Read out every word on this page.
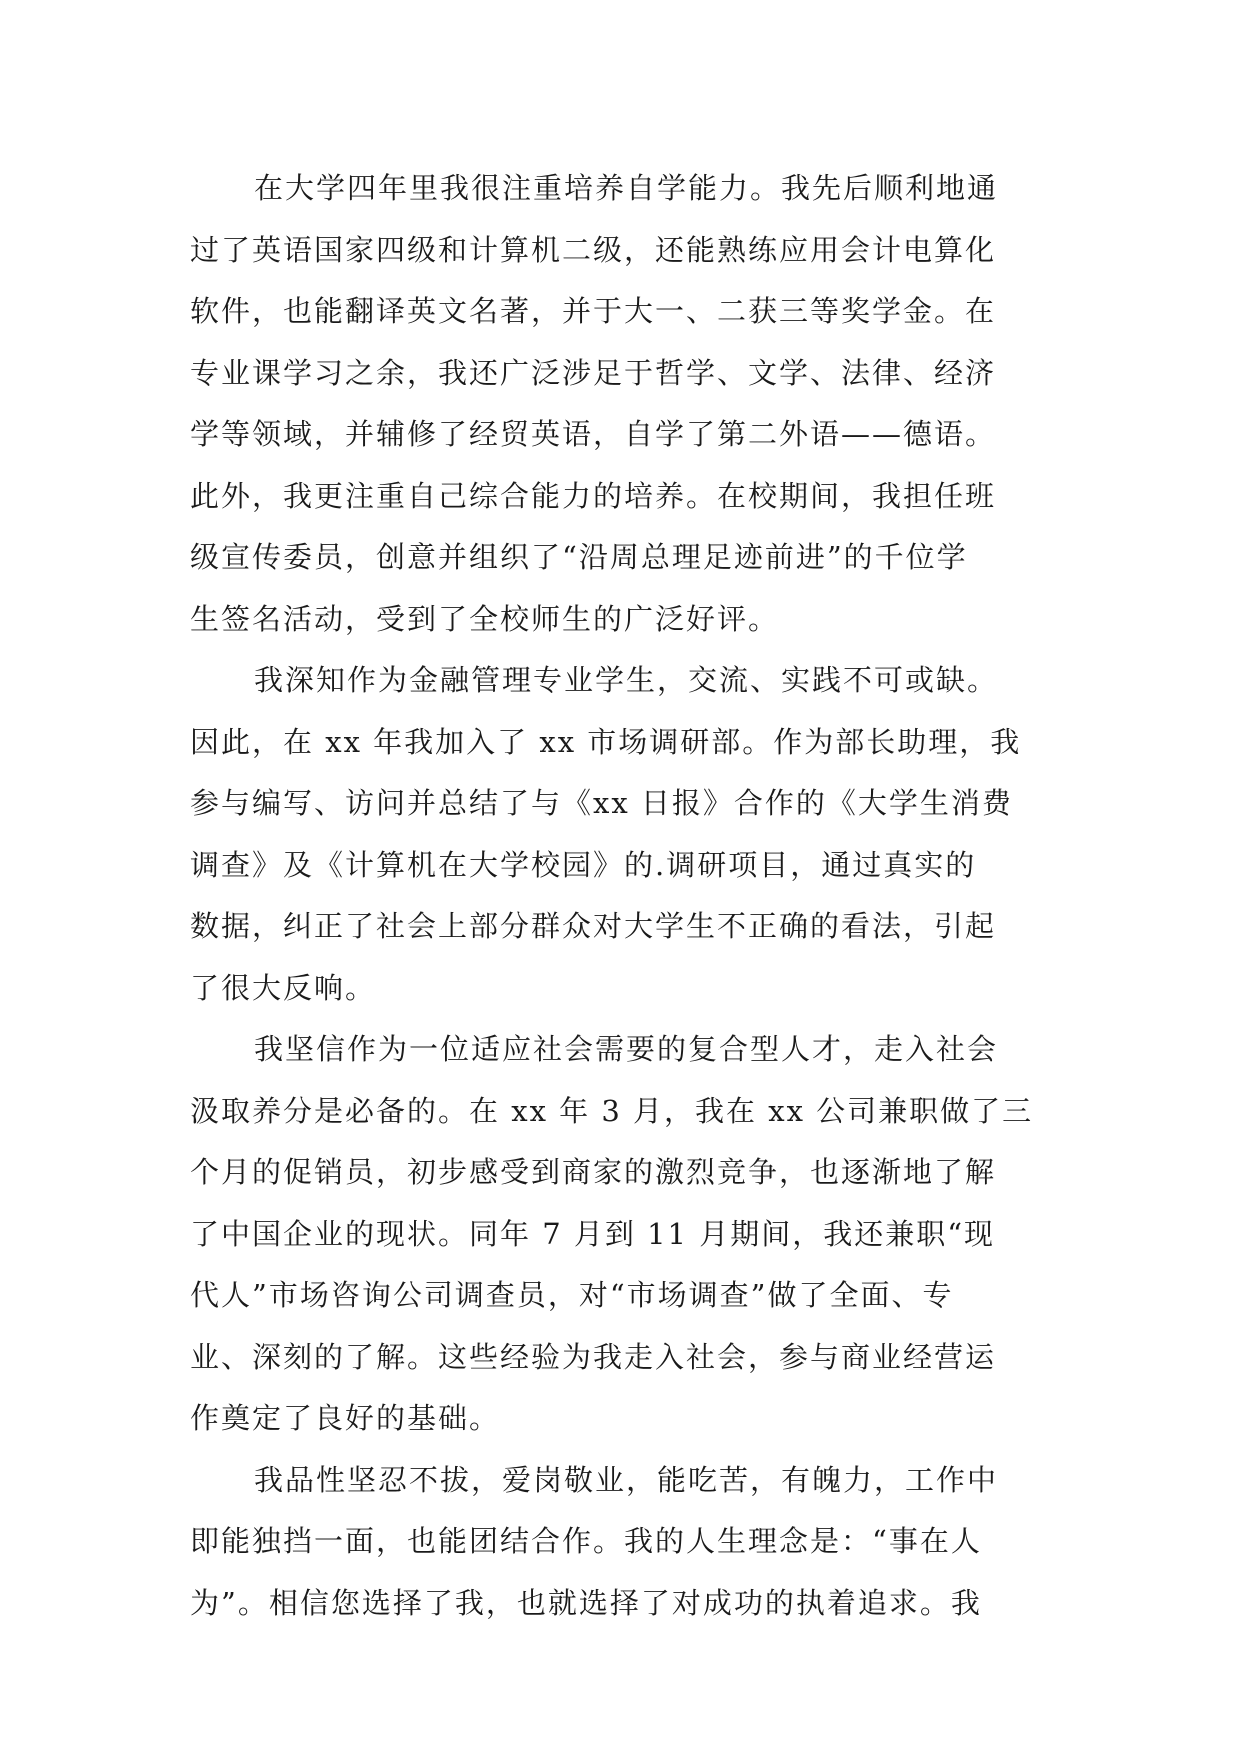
在大学四年里我很注重培养自学能力。我先后顺利地通
过了英语国家四级和计算机二级，还能熟练应用会计电算化
软件，也能翻译英文名著，并于大一、二获三等奖学金。在
专业课学习之余，我还广泛涉足于哲学、文学、法律、经济
学等领域，并辅修了经贸英语，自学了第二外语——德语。
此外，我更注重自己综合能力的培养。在校期间，我担任班
级宣传委员，创意并组织了“沿周总理足迹前进”的千位学
生签名活动，受到了全校师生的广泛好评。
我深知作为金融管理专业学生，交流、实践不可或缺。
因此，在 xx 年我加入了 xx 市场调研部。作为部长助理，我
参与编写、访问并总结了与《xx 日报》合作的《大学生消费
调查》及《计算机在大学校园》的.调研项目，通过真实的
数据，纠正了社会上部分群众对大学生不正确的看法，引起
了很大反响。
我坚信作为一位适应社会需要的复合型人才，走入社会
汲取养分是必备的。在 xx 年 3 月，我在 xx 公司兼职做了三
个月的促销员，初步感受到商家的激烈竞争，也逐渐地了解
了中国企业的现状。同年 7 月到 11 月期间，我还兼职“现
代人”市场咨询公司调查员，对“市场调查”做了全面、专
业、深刻的了解。这些经验为我走入社会，参与商业经营运
作奠定了良好的基础。
我品性坚忍不拔，爱岗敬业，能吃苦，有魄力，工作中
即能独挡一面，也能团结合作。我的人生理念是：“事在人
为”。相信您选择了我，也就选择了对成功的执着追求。我
